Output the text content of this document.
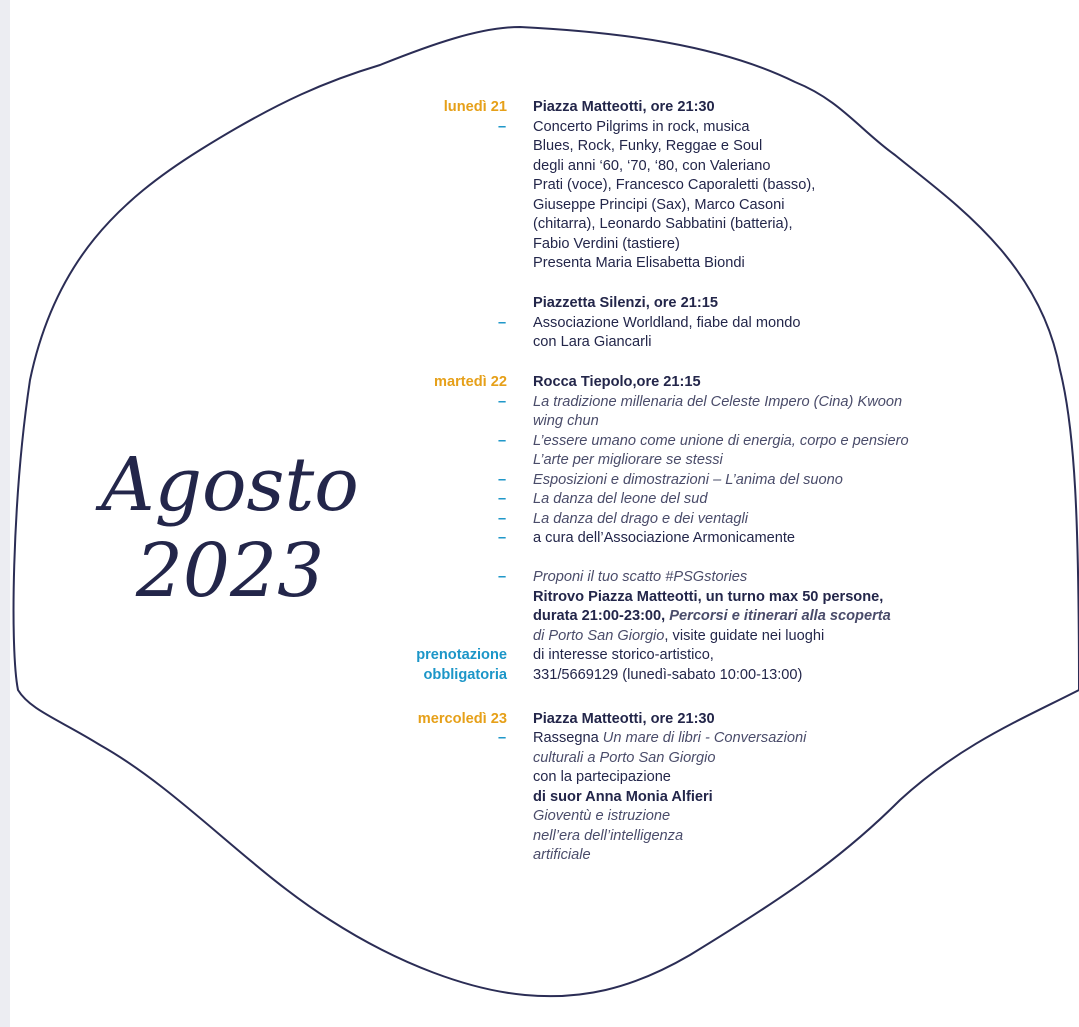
Agosto
2023
lunedì 21 Piazza Matteotti, ore 21:30
– Concerto Pilgrims in rock, musica
Blues, Rock, Funky, Reggae e Soul
degli anni ‘60, ‘70, ‘80, con Valeriano
Prati (voce), Francesco Caporaletti (basso),
Giuseppe Principi (Sax), Marco Casoni
(chitarra), Leonardo Sabbatini (batteria),
Fabio Verdini (tastiere)
Presenta Maria Elisabetta Biondi
Piazzetta Silenzi, ore 21:15
– Associazione Worldland, fiabe dal mondo
con Lara Giancarli
martedì 22 Rocca Tiepolo,ore 21:15
– La tradizione millenaria del Celeste Impero (Cina) Kwoon
wing chun
– L’essere umano come unione di energia, corpo e pensiero
L’arte per migliorare se stessi
– Esposizioni e dimostrazioni – L’anima del suono
– La danza del leone del sud
– La danza del drago e dei ventagli
– a cura dell’Associazione Armonicamente
– Proponi il tuo scatto #PSGstories
Ritrovo Piazza Matteotti, un turno max 50 persone,
durata 21:00-23:00, Percorsi e itinerari alla scoperta
di Porto San Giorgio, visite guidate nei luoghi
prenotazione di interesse storico-artistico,
obbligatoria 331/5669129 (lunedì-sabato 10:00-13:00)
mercoledì 23 Piazza Matteotti, ore 21:30
– Rassegna Un mare di libri - Conversazioni
culturali a Porto San Giorgio
con la partecipazione
di suor Anna Monia Alfieri
Gioventù e istruzione
nell’era dell’intelligenza
artificiale
